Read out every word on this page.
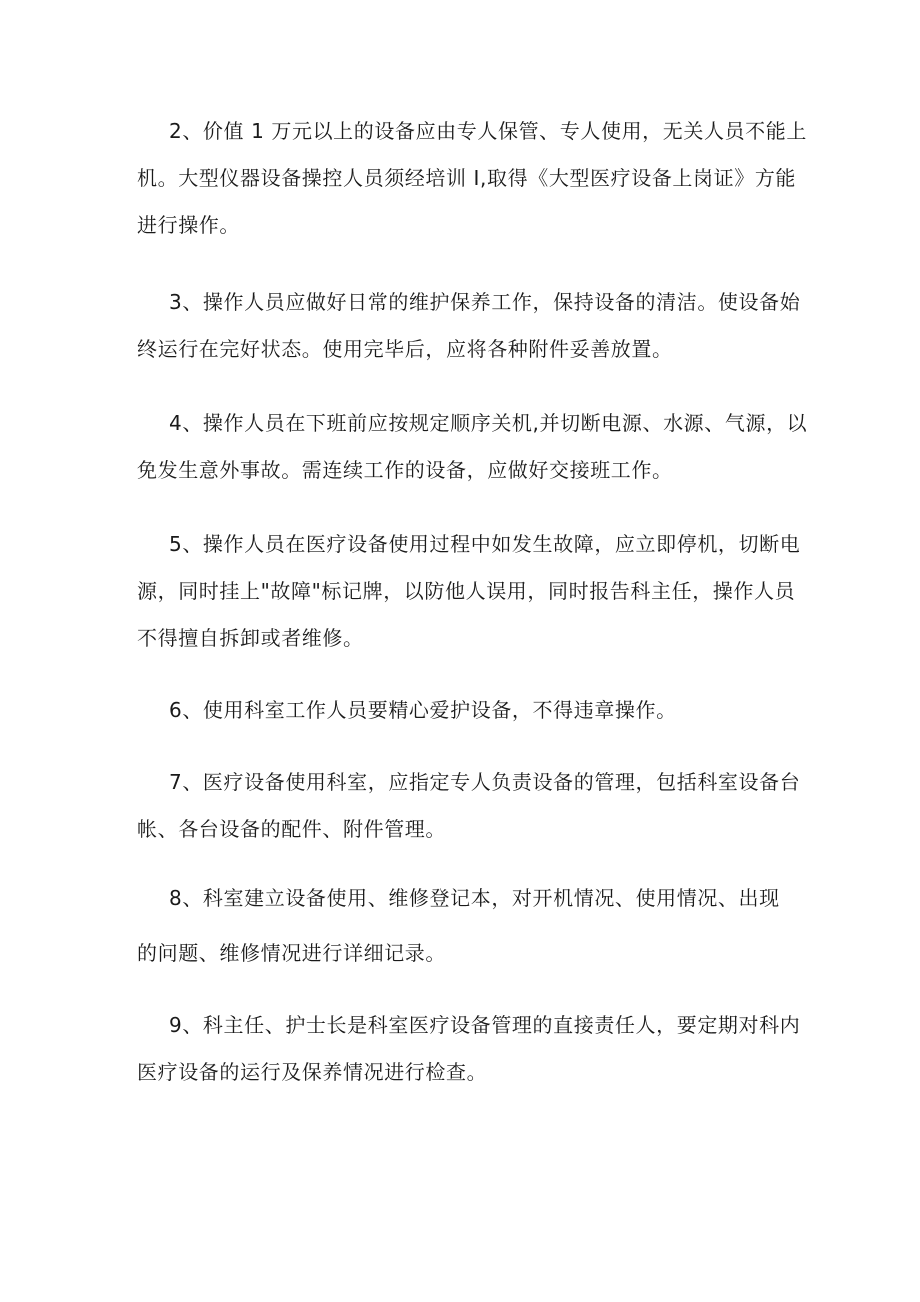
2、价值 1 万元以上的设备应由专人保管、专人使用，无关人员不能上
机。大型仪器设备操控人员须经培训 I,取得《大型医疗设备上岗证》方能
进行操作。
3、操作人员应做好日常的维护保养工作，保持设备的清洁。使设备始
终运行在完好状态。使用完毕后，应将各种附件妥善放置。
4、操作人员在下班前应按规定顺序关机,并切断电源、水源、气源，以
免发生意外事故。需连续工作的设备，应做好交接班工作。
5、操作人员在医疗设备使用过程中如发生故障，应立即停机，切断电
源，同时挂上"故障"标记牌，以防他人误用，同时报告科主任，操作人员
不得擅自拆卸或者维修。
6、使用科室工作人员要精心爱护设备，不得违章操作。
7、医疗设备使用科室，应指定专人负责设备的管理，包括科室设备台
帐、各台设备的配件、附件管理。
8、科室建立设备使用、维修登记本，对开机情况、使用情况、出现
的问题、维修情况进行详细记录。
9、科主任、护士长是科室医疗设备管理的直接责任人，要定期对科内
医疗设备的运行及保养情况进行检查。
